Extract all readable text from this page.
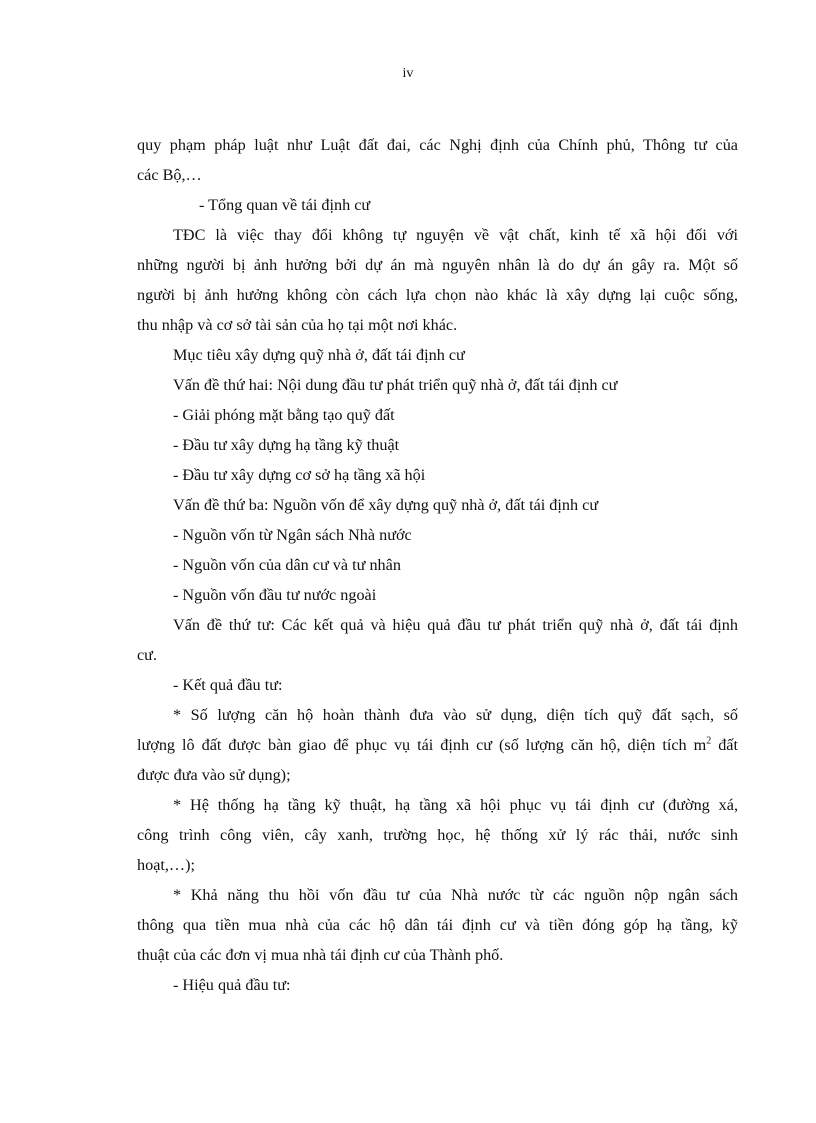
iv
quy phạm pháp luật như Luật đất đai, các Nghị định của Chính phủ, Thông tư của
các Bộ,…
- Tổng quan về tái định cư
TĐC là việc thay đổi không tự nguyện về vật chất, kinh tế xã hội đối với
những người bị ảnh hưởng bởi dự án mà nguyên nhân là do dự án gây ra. Một số
người bị ảnh hưởng không còn cách lựa chọn nào khác là xây dựng lại cuộc sống,
thu nhập và cơ sở tài sản của họ tại một nơi khác.
Mục tiêu xây dựng quỹ nhà ở, đất tái định cư
Vấn đề thứ hai: Nội dung đầu tư phát triển quỹ nhà ở, đất tái định cư
- Giải phóng mặt bằng tạo quỹ đất
- Đầu tư xây dựng hạ tầng kỹ thuật
- Đầu tư xây dựng cơ sở hạ tầng xã hội
Vấn đề thứ ba: Nguồn vốn để xây dựng quỹ nhà ở, đất tái định cư
- Nguồn vốn từ Ngân sách Nhà nước
- Nguồn vốn của dân cư và tư nhân
- Nguồn vốn đầu tư nước ngoài
Vấn đề thứ tư: Các kết quả và hiệu quả đầu tư phát triển quỹ nhà ở, đất tái định
cư.
- Kết quả đầu tư:
* Số lượng căn hộ hoàn thành đưa vào sử dụng, diện tích quỹ đất sạch, số
lượng lô đất được bàn giao để phục vụ tái định cư (số lượng căn hộ, diện tích $m^2$ đất
được đưa vào sử dụng);
* Hệ thống hạ tầng kỹ thuật, hạ tầng xã hội phục vụ tái định cư (đường xá,
công trình công viên, cây xanh, trường học, hệ thống xử lý rác thải, nước sinh
hoạt,…);
* Khả năng thu hồi vốn đầu tư của Nhà nước từ các nguồn nộp ngân sách
thông qua tiền mua nhà của các hộ dân tái định cư và tiền đóng góp hạ tầng, kỹ
thuật của các đơn vị mua nhà tái định cư của Thành phố.
- Hiệu quả đầu tư:
